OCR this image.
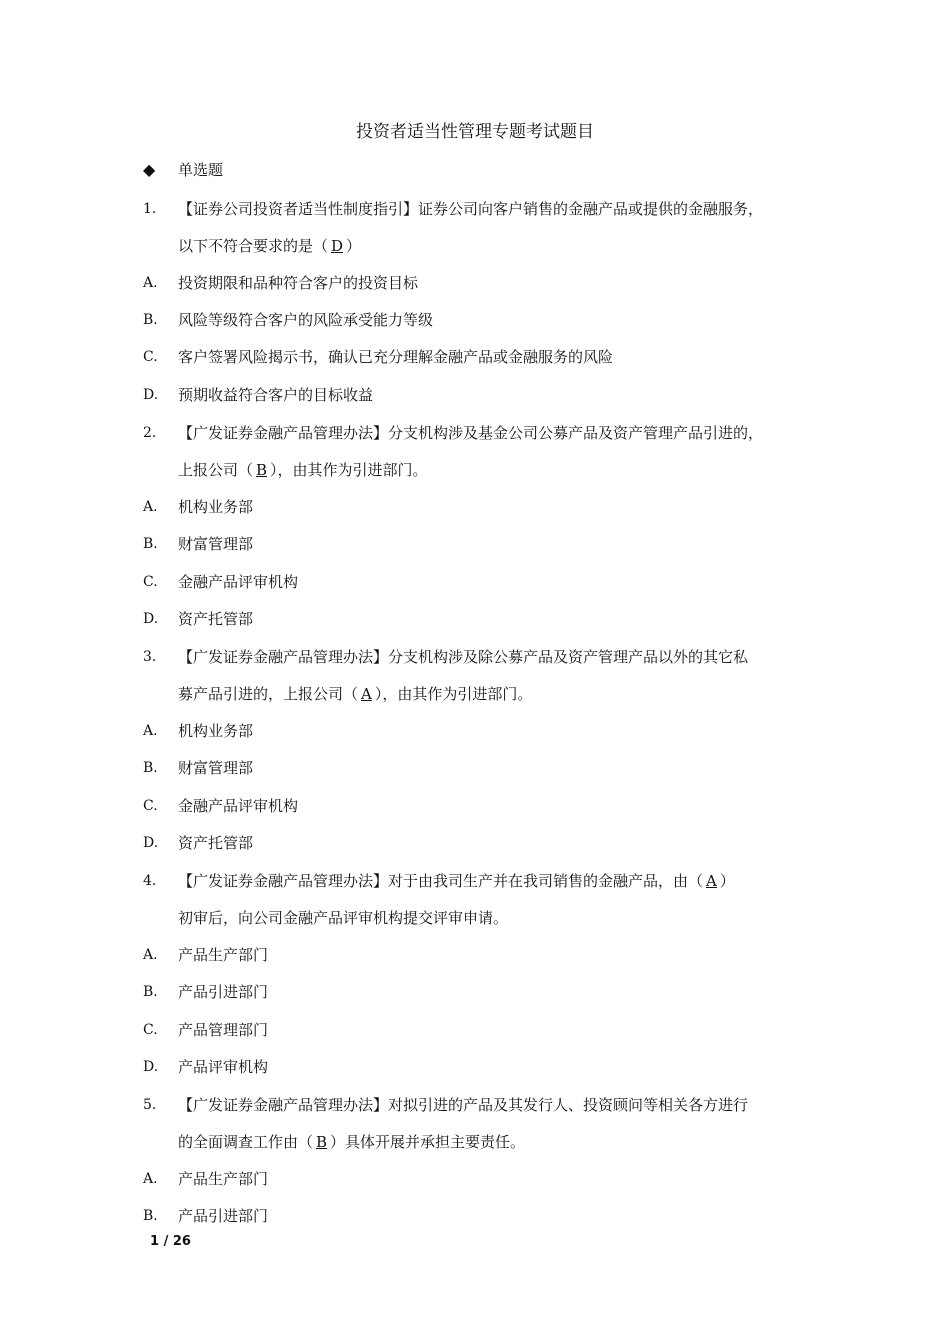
投资者适当性管理专题考试题目
◆ 单选题
1. 【证券公司投资者适当性制度指引】证券公司向客户销售的金融产品或提供的金融服务，
以下不符合要求的是（ D ）
A. 投资期限和品种符合客户的投资目标
B. 风险等级符合客户的风险承受能力等级
C. 客户签署风险揭示书，确认已充分理解金融产品或金融服务的风险
D. 预期收益符合客户的目标收益
2. 【广发证券金融产品管理办法】分支机构涉及基金公司公募产品及资产管理产品引进的，
上报公司（ B ），由其作为引进部门。
A. 机构业务部
B. 财富管理部
C. 金融产品评审机构
D. 资产托管部
3. 【广发证券金融产品管理办法】分支机构涉及除公募产品及资产管理产品以外的其它私
募产品引进的，上报公司（ A ），由其作为引进部门。
A. 机构业务部
B. 财富管理部
C. 金融产品评审机构
D. 资产托管部
4. 【广发证券金融产品管理办法】对于由我司生产并在我司销售的金融产品，由（ A ）
初审后，向公司金融产品评审机构提交评审申请。
A. 产品生产部门
B. 产品引进部门
C. 产品管理部门
D. 产品评审机构
5. 【广发证券金融产品管理办法】对拟引进的产品及其发行人、投资顾问等相关各方进行
的全面调查工作由（ B ）具体开展并承担主要责任。
A. 产品生产部门
B. 产品引进部门
1 / 26
